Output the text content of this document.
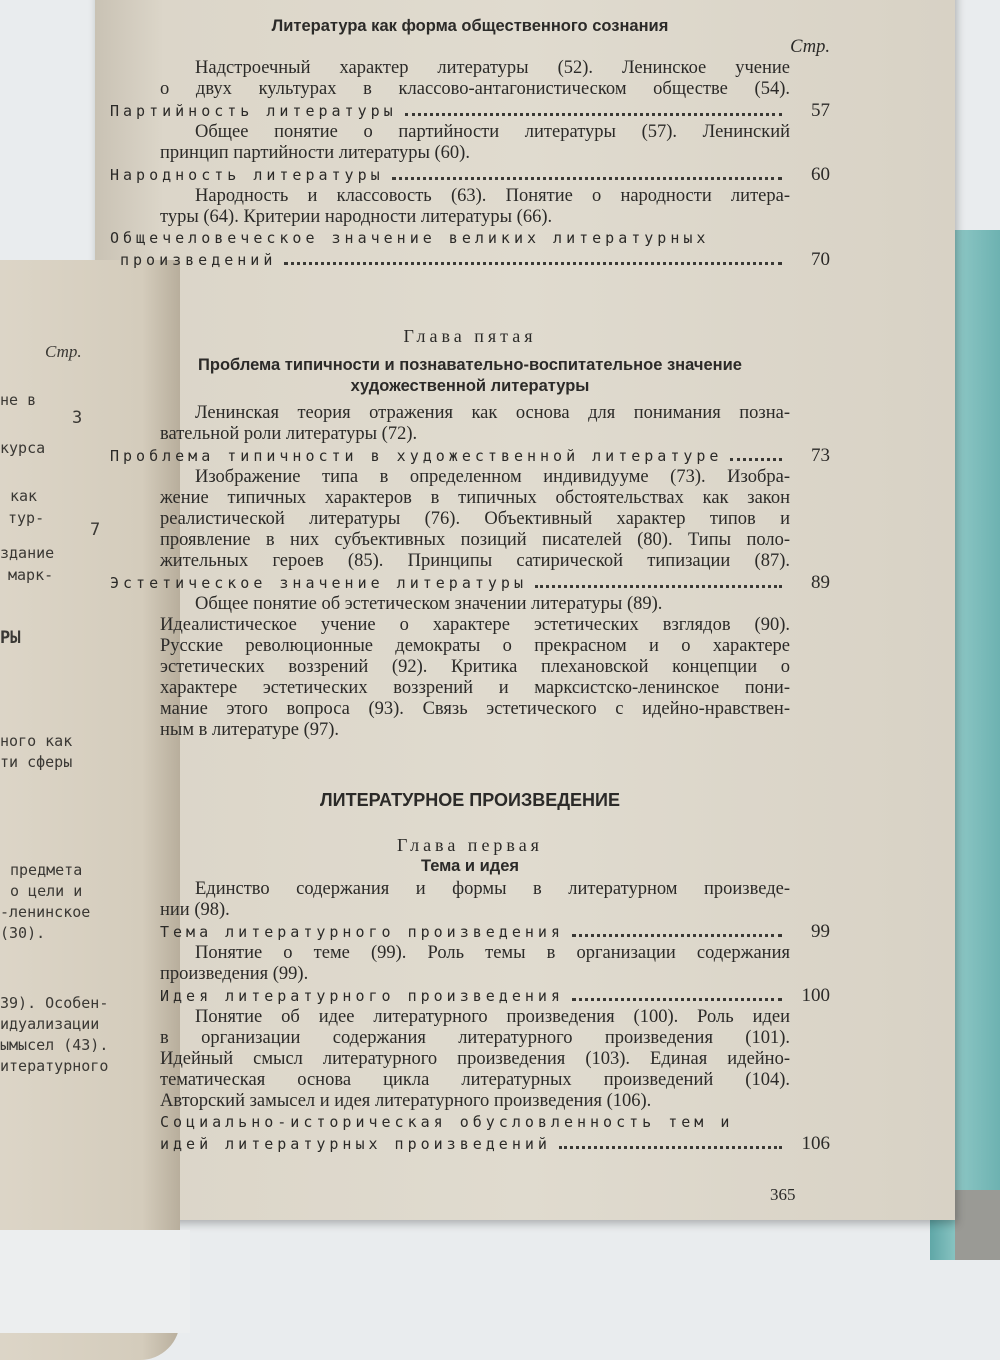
Стр.
не в
3
курса
как
тур-
7
здание
марк-
РЫ
ного как
ти сферы
предмета
о цели и
-ленинское
(30).
39). Особен-
идуализации
ымысел (43).
итературного
Литература как форма общественного сознания
Стр.
Надстроечный характер литературы (52). Ленинское учение
о двух культурах в классово-антагонистическом обществе (54).
Партийность литературы	57
Общее понятие о партийности литературы (57). Ленинский
принцип партийности литературы (60).
Народность литературы	60
Народность и классовость (63). Понятие о народности литера-
туры (64). Критерии народности литературы (66).
Общечеловеческое значение великих литературных
произведений	70
Глава пятая
Проблема типичности и познавательно-воспитательное значение
художественной литературы
Ленинская теория отражения как основа для понимания позна-
вательной роли литературы (72).
Проблема типичности в художественной литературе	73
Изображение типа в определенном индивидууме (73). Изобра-
жение типичных характеров в типичных обстоятельствах как закон
реалистической литературы (76). Объективный характер типов и
проявление в них субъективных позиций писателей (80). Типы поло-
жительных героев (85). Принципы сатирической типизации (87).
Эстетическое значение литературы	89
Общее понятие об эстетическом значении литературы (89).
Идеалистическое учение о характере эстетических взглядов (90).
Русские революционные демократы о прекрасном и о характере
эстетических воззрений (92). Критика плехановской концепции о
характере эстетических воззрений и марксистско-ленинское пони-
мание этого вопроса (93). Связь эстетического с идейно-нравствен-
ным в литературе (97).
ЛИТЕРАТУРНОЕ ПРОИЗВЕДЕНИЕ
Глава первая
Тема и идея
Единство содержания и формы в литературном произведе-
нии (98).
Тема литературного произведения	99
Понятие о теме (99). Роль темы в организации содержания
произведения (99).
Идея литературного произведения	100
Понятие об идее литературного произведения (100). Роль идеи
в организации содержания литературного произведения (101).
Идейный смысл литературного произведения (103). Единая идейно-
тематическая основа цикла литературных произведений (104).
Авторский замысел и идея литературного произведения (106).
Социально-историческая обусловленность тем и
идей литературных произведений	106
365
